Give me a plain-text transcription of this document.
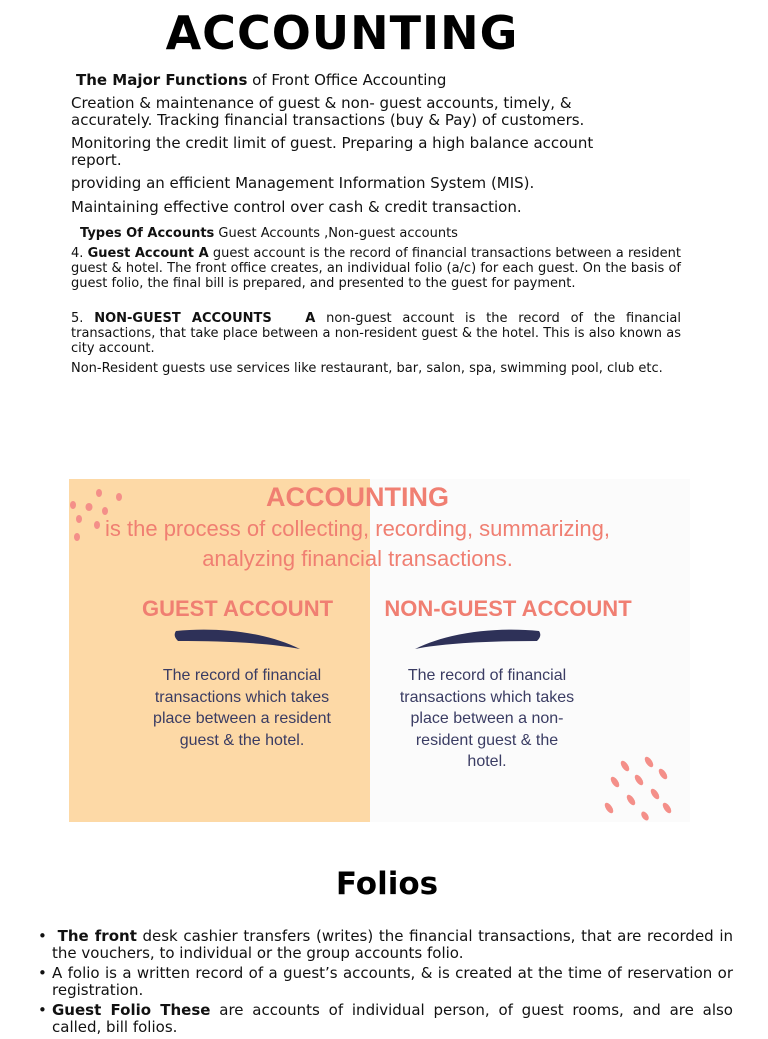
ACCOUNTING

The Major Functions of Front Office Accounting

Creation & maintenance of guest & non- guest accounts, timely, & accurately. Tracking financial transactions (buy & Pay) of customers.

Monitoring the credit limit of guest. Preparing a high balance account report.

providing an efficient Management Information System (MIS).

Maintaining effective control over cash & credit transaction.

Types Of Accounts Guest Accounts ,Non-guest accounts

4. Guest Account A guest account is the record of financial transactions between a resident guest & hotel. The front office creates, an individual folio (a/c) for each guest. On the basis of guest folio, the final bill is prepared, and presented to the guest for payment.

5. NON-GUEST ACCOUNTS   A non-guest account is the record of the financial transactions, that take place between a non-resident guest & the hotel. This is also known as city account.

Non-Resident guests use services like restaurant, bar, salon, spa, swimming pool, club etc.

ACCOUNTING

is the process of collecting, recording, summarizing,
analyzing financial transactions.

GUEST ACCOUNT

The record of financial
transactions which takes
place between a resident
guest & the hotel.

NON-GUEST ACCOUNT

The record of financial
transactions which takes
place between a non-
resident guest & the
hotel.

Folios
• The front desk cashier transfers (writes) the financial transactions, that are recorded in the vouchers, to individual or the group accounts folio.
• A folio is a written record of a guest’s accounts, & is created at the time of reservation or registration.
• Guest Folio These are accounts of individual person, of guest rooms, and are also called, bill folios.
